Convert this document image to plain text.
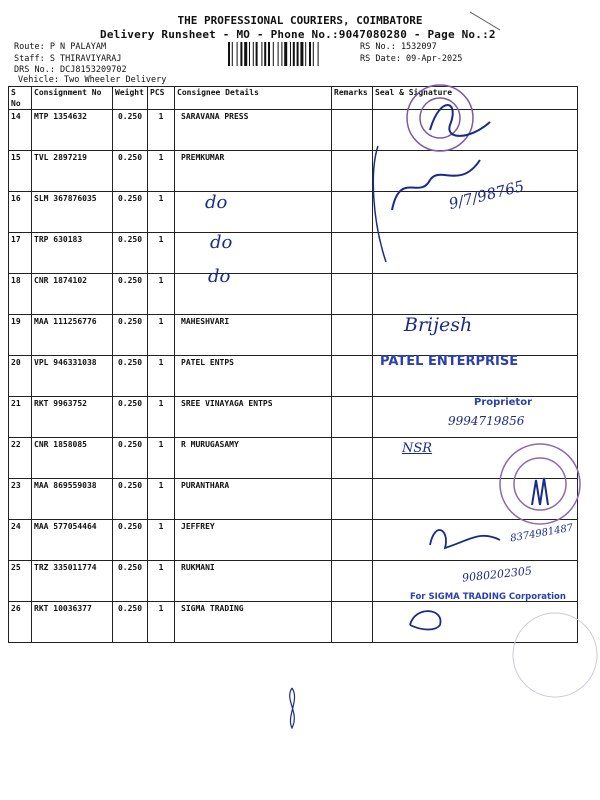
THE PROFESSIONAL COURIERS, COIMBATORE
Delivery Runsheet - MO - Phone No.:9047080280 - Page No.:2
Route: P N PALAYAM
Staff: S THIRAVIYARAJ
DRS No.: DCJ8153209702
Vehicle: Two Wheeler Delivery
RS No.: 1532097
RS Date: 09-Apr-2025
S No	Consignment No	Weight	PCS	Consignee Details	Remarks	Seal & Signature
14	MTP 1354632	0.250	1	SARAVANA PRESS		
15	TVL 2897219	0.250	1	PREMKUMAR		
16	SLM 367876035	0.250	1			
17	TRP 630183	0.250	1			
18	CNR 1874102	0.250	1			
19	MAA 111256776	0.250	1	MAHESHVARI		
20	VPL 946331038	0.250	1	PATEL ENTPS		
21	RKT 9963752	0.250	1	SREE VINAYAGA ENTPS		
22	CNR 1858085	0.250	1	R MURUGASAMY		
23	MAA 869559038	0.250	1	PURANTHARA		
24	MAA 577054464	0.250	1	JEFFREY		
25	TRZ 335011774	0.250	1	RUKMANI		
26	RKT 10036377	0.250	1	SIGMA TRADING		
do
do
do
9/7/98765
Brijesh
PATEL ENTERPRISE
Proprietor
9994719856
NSR
8374981487
9080202305
For SIGMA TRADING Corporation
